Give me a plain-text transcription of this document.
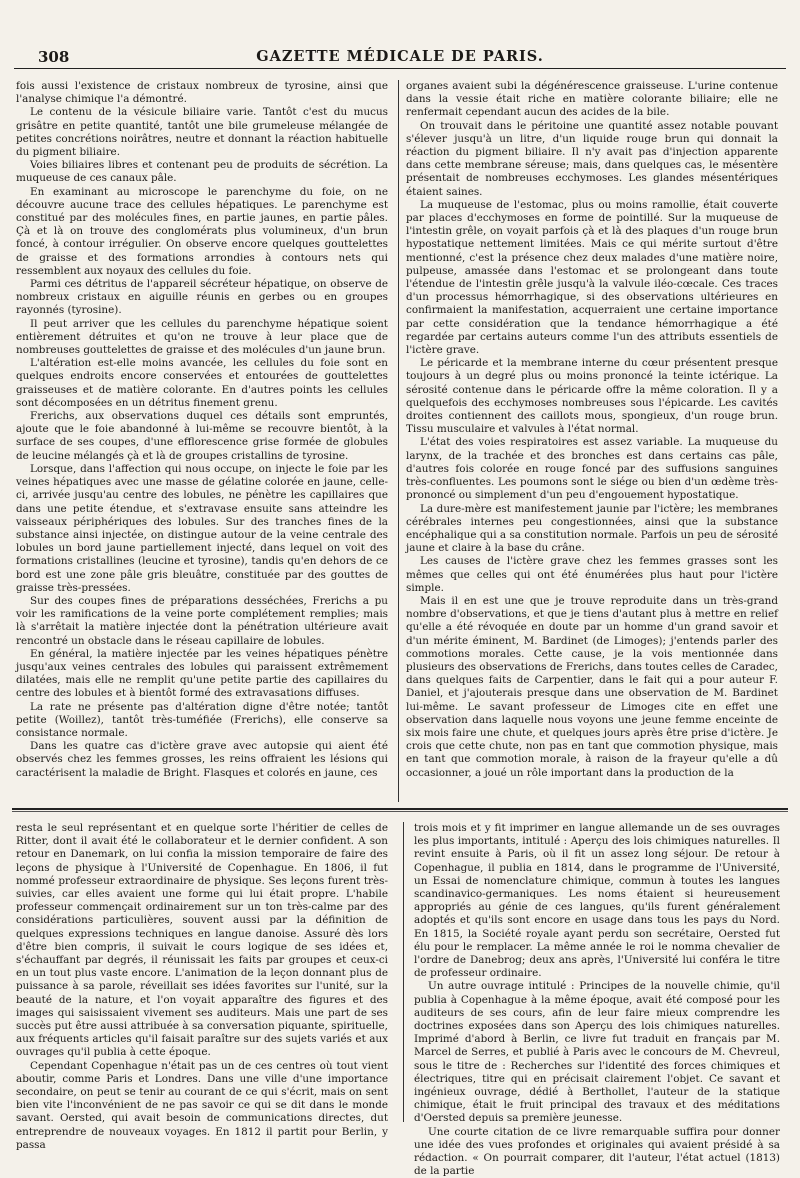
308	GAZETTE MÉDICALE DE PARIS.

fois aussi l'existence de cristaux nombreux de tyrosine, ainsi que l'analyse chimique l'a démontré.

Le contenu de la vésicule biliaire varie. Tantôt c'est du mucus grisâtre en petite quantité, tantôt une bile grumeleuse mélangée de petites concrétions noirâtres, neutre et donnant la réaction habituelle du pigment biliaire.

Voies biliaires libres et contenant peu de produits de sécrétion. La muqueuse de ces canaux pâle.

En examinant au microscope le parenchyme du foie, on ne découvre aucune trace des cellules hépatiques. Le parenchyme est constitué par des molécules fines, en partie jaunes, en partie pâles. Çà et là on trouve des conglomérats plus volumineux, d'un brun foncé, à contour irrégulier. On observe encore quelques gouttelettes de graisse et des formations arrondies à contours nets qui ressemblent aux noyaux des cellules du foie.

Parmi ces détritus de l'appareil sécréteur hépatique, on observe de nombreux cristaux en aiguille réunis en gerbes ou en groupes rayonnés (tyrosine).

Il peut arriver que les cellules du parenchyme hépatique soient entièrement détruites et qu'on ne trouve à leur place que de nombreuses gouttelettes de graisse et des molécules d'un jaune brun.

L'altération est-elle moins avancée, les cellules du foie sont en quelques endroits encore conservées et entourées de gouttelettes graisseuses et de matière colorante. En d'autres points les cellules sont décomposées en un détritus finement grenu.

Frerichs, aux observations duquel ces détails sont empruntés, ajoute que le foie abandonné à lui-même se recouvre bientôt, à la surface de ses coupes, d'une efflorescence grise formée de globules de leucine mélangés çà et là de groupes cristallins de tyrosine.

Lorsque, dans l'affection qui nous occupe, on injecte le foie par les veines hépatiques avec une masse de gélatine colorée en jaune, celle-ci, arrivée jusqu'au centre des lobules, ne pénètre les capillaires que dans une petite étendue, et s'extravase ensuite sans atteindre les vaisseaux périphériques des lobules. Sur des tranches fines de la substance ainsi injectée, on distingue autour de la veine centrale des lobules un bord jaune partiellement injecté, dans lequel on voit des formations cristallines (leucine et tyrosine), tandis qu'en dehors de ce bord est une zone pâle gris bleuâtre, constituée par des gouttes de graisse très-pressées.

Sur des coupes fines de préparations desséchées, Frerichs a pu voir les ramifications de la veine porte complétement remplies; mais là s'arrêtait la matière injectée dont la pénétration ultérieure avait rencontré un obstacle dans le réseau capillaire de lobules.

En général, la matière injectée par les veines hépatiques pénètre jusqu'aux veines centrales des lobules qui paraissent extrêmement dilatées, mais elle ne remplit qu'une petite partie des capillaires du centre des lobules et à bientôt formé des extravasations diffuses.

La rate ne présente pas d'altération digne d'être notée; tantôt petite (Woillez), tantôt très-tuméfiée (Frerichs), elle conserve sa consistance normale.

Dans les quatre cas d'ictère grave avec autopsie qui aient été observés chez les femmes grosses, les reins offraient les lésions qui caractérisent la maladie de Bright. Flasques et colorés en jaune, ces

organes avaient subi la dégénérescence graisseuse. L'urine contenue dans la vessie était riche en matière colorante biliaire; elle ne renfermait cependant aucun des acides de la bile.

On trouvait dans le péritoine une quantité assez notable pouvant s'élever jusqu'à un litre, d'un liquide rouge brun qui donnait la réaction du pigment biliaire. Il n'y avait pas d'injection apparente dans cette membrane séreuse; mais, dans quelques cas, le mésentère présentait de nombreuses ecchymoses. Les glandes mésentériques étaient saines.

La muqueuse de l'estomac, plus ou moins ramollie, était couverte par places d'ecchymoses en forme de pointillé. Sur la muqueuse de l'intestin grêle, on voyait parfois çà et là des plaques d'un rouge brun hypostatique nettement limitées. Mais ce qui mérite surtout d'être mentionné, c'est la présence chez deux malades d'une matière noire, pulpeuse, amassée dans l'estomac et se prolongeant dans toute l'étendue de l'intestin grêle jusqu'à la valvule iléo-cœcale. Ces traces d'un processus hémorrhagique, si des observations ultérieures en confirmaient la manifestation, acquerraient une certaine importance par cette considération que la tendance hémorrhagique a été regardée par certains auteurs comme l'un des attributs essentiels de l'ictère grave.

Le péricarde et la membrane interne du cœur présentent presque toujours à un degré plus ou moins prononcé la teinte ictérique. La sérosité contenue dans le péricarde offre la même coloration. Il y a quelquefois des ecchymoses nombreuses sous l'épicarde. Les cavités droites contiennent des caillots mous, spongieux, d'un rouge brun. Tissu musculaire et valvules à l'état normal.

L'état des voies respiratoires est assez variable. La muqueuse du larynx, de la trachée et des bronches est dans certains cas pâle, d'autres fois colorée en rouge foncé par des suffusions sanguines très-confluentes. Les poumons sont le siége ou bien d'un œdème très-prononcé ou simplement d'un peu d'engouement hypostatique.

La dure-mère est manifestement jaunie par l'ictère; les membranes cérébrales internes peu congestionnées, ainsi que la substance encéphalique qui a sa constitution normale. Parfois un peu de sérosité jaune et claire à la base du crâne.

Les causes de l'ictère grave chez les femmes grasses sont les mêmes que celles qui ont été énumérées plus haut pour l'ictère simple.

Mais il en est une que je trouve reproduite dans un très-grand nombre d'observations, et que je tiens d'autant plus à mettre en relief qu'elle a été révoquée en doute par un homme d'un grand savoir et d'un mérite éminent, M. Bardinet (de Limoges); j'entends parler des commotions morales. Cette cause, je la vois mentionnée dans plusieurs des observations de Frerichs, dans toutes celles de Caradec, dans quelques faits de Carpentier, dans le fait qui a pour auteur F. Daniel, et j'ajouterais presque dans une observation de M. Bardinet lui-même. Le savant professeur de Limoges cite en effet une observation dans laquelle nous voyons une jeune femme enceinte de six mois faire une chute, et quelques jours après être prise d'ictère. Je crois que cette chute, non pas en tant que commotion physique, mais en tant que commotion morale, à raison de la frayeur qu'elle a dû occasionner, a joué un rôle important dans la production de la

resta le seul représentant et en quelque sorte l'héritier de celles de Ritter, dont il avait été le collaborateur et le dernier confident. A son retour en Danemark, on lui confia la mission temporaire de faire des leçons de physique à l'Université de Copenhague. En 1806, il fut nommé professeur extraordinaire de physique. Ses leçons furent très-suivies, car elles avaient une forme qui lui était propre. L'habile professeur commençait ordinairement sur un ton très-calme par des considérations particulières, souvent aussi par la définition de quelques expressions techniques en langue danoise. Assuré dès lors d'être bien compris, il suivait le cours logique de ses idées et, s'échauffant par degrés, il réunissait les faits par groupes et ceux-ci en un tout plus vaste encore. L'animation de la leçon donnant plus de puissance à sa parole, réveillait ses idées favorites sur l'unité, sur la beauté de la nature, et l'on voyait apparaître des figures et des images qui saisissaient vivement ses auditeurs. Mais une part de ses succès put être aussi attribuée à sa conversation piquante, spirituelle, aux fréquents articles qu'il faisait paraître sur des sujets variés et aux ouvrages qu'il publia à cette époque.

Cependant Copenhague n'était pas un de ces centres où tout vient aboutir, comme Paris et Londres. Dans une ville d'une importance secondaire, on peut se tenir au courant de ce qui s'écrit, mais on sent bien vite l'inconvénient de ne pas savoir ce qui se dit dans le monde savant. Oersted, qui avait besoin de communications directes, dut entreprendre de nouveaux voyages. En 1812 il partit pour Berlin, y passa

trois mois et y fit imprimer en langue allemande un de ses ouvrages les plus importants, intitulé : Aperçu des lois chimiques naturelles. Il revint ensuite à Paris, où il fit un assez long séjour. De retour à Copenhague, il publia en 1814, dans le programme de l'Université, un Essai de nomenclature chimique, commun à toutes les langues scandinavico-germaniques. Les noms étaient si heureusement appropriés au génie de ces langues, qu'ils furent généralement adoptés et qu'ils sont encore en usage dans tous les pays du Nord. En 1815, la Société royale ayant perdu son secrétaire, Oersted fut élu pour le remplacer. La même année le roi le nomma chevalier de l'ordre de Danebrog; deux ans après, l'Université lui conféra le titre de professeur ordinaire.

Un autre ouvrage intitulé : Principes de la nouvelle chimie, qu'il publia à Copenhague à la même époque, avait été composé pour les auditeurs de ses cours, afin de leur faire mieux comprendre les doctrines exposées dans son Aperçu des lois chimiques naturelles. Imprimé d'abord à Berlin, ce livre fut traduit en français par M. Marcel de Serres, et publié à Paris avec le concours de M. Chevreul, sous le titre de : Recherches sur l'identité des forces chimiques et électriques, titre qui en précisait clairement l'objet. Ce savant et ingénieux ouvrage, dédié à Berthollet, l'auteur de la statique chimique, était le fruit principal des travaux et des méditations d'Oersted depuis sa première jeunesse.

Une courte citation de ce livre remarquable suffira pour donner une idée des vues profondes et originales qui avaient présidé à sa rédaction. « On pourrait comparer, dit l'auteur, l'état actuel (1813) de la partie
